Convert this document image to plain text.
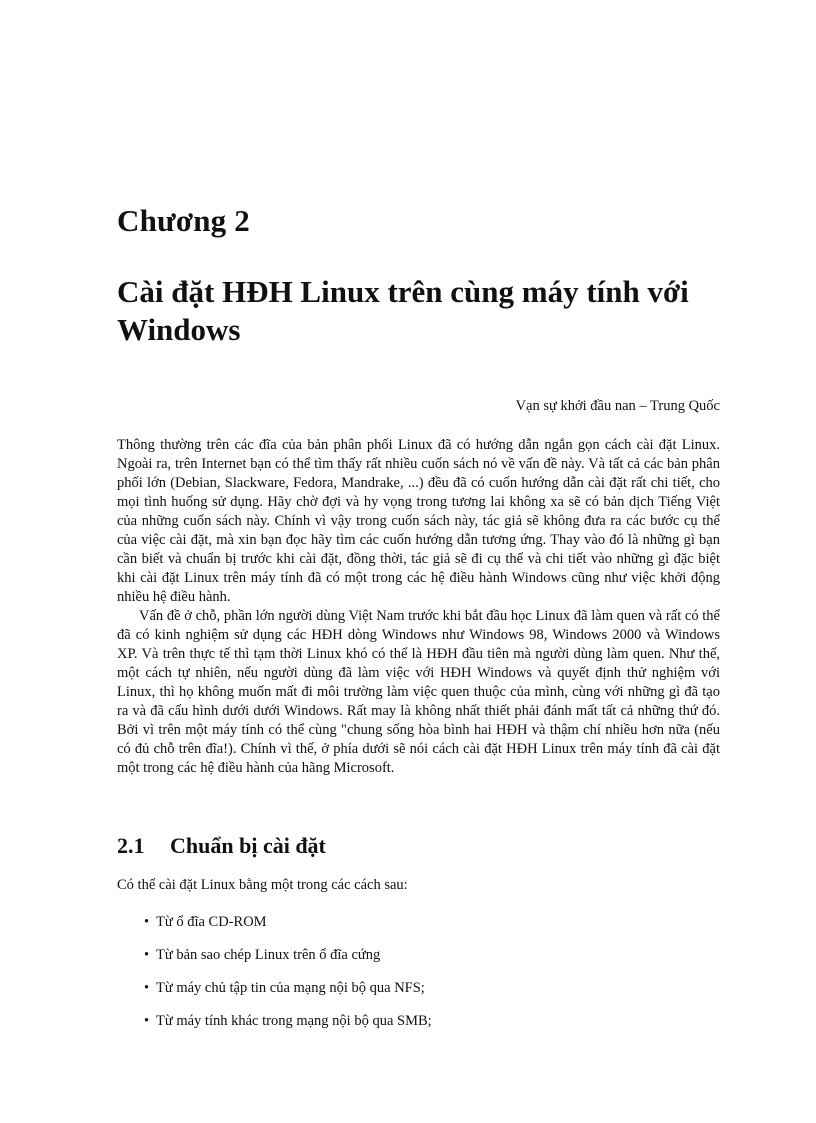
Chương 2
Cài đặt HĐH Linux trên cùng máy tính với Windows
Vạn sự khởi đầu nan – Trung Quốc

Thông thường trên các đĩa của bản phân phối Linux đã có hướng dẫn ngắn gọn cách cài đặt Linux. Ngoài ra, trên Internet bạn có thể tìm thấy rất nhiều cuốn sách nó về vấn đề này. Và tất cả các bản phân phối lớn (Debian, Slackware, Fedora, Mandrake, ...) đều đã có cuốn hướng dẫn cài đặt rất chi tiết, cho mọi tình huống sử dụng. Hãy chờ đợi và hy vọng trong tương lai không xa sẽ có bản dịch Tiếng Việt của những cuốn sách này. Chính vì vậy trong cuốn sách này, tác giả sẽ không đưa ra các bước cụ thể của việc cài đặt, mà xin bạn đọc hãy tìm các cuốn hướng dẫn tương ứng. Thay vào đó là những gì bạn cần biết và chuẩn bị trước khi cài đặt, đồng thời, tác giả sẽ đi cụ thể và chi tiết vào những gì đặc biệt khi cài đặt Linux trên máy tính đã có một trong các hệ điều hành Windows cũng như việc khởi động nhiều hệ điều hành.

Vấn đề ở chỗ, phần lớn người dùng Việt Nam trước khi bắt đầu học Linux đã làm quen và rất có thể đã có kinh nghiệm sử dụng các HĐH dòng Windows như Windows 98, Windows 2000 và Windows XP. Và trên thực tế thì tạm thời Linux khó có thể là HĐH đầu tiên mà người dùng làm quen. Như thế, một cách tự nhiên, nếu người dùng đã làm việc với HĐH Windows và quyết định thử nghiệm với Linux, thì họ không muốn mất đi môi trường làm việc quen thuộc của mình, cùng với những gì đã tạo ra và đã cấu hình dưới dưới Windows. Rất may là không nhất thiết phải đánh mất tất cả những thứ đó. Bởi vì trên một máy tính có thể cùng "chung sống hòa bình hai HĐH và thậm chí nhiều hơn nữa (nếu có đủ chỗ trên đĩa!). Chính vì thế, ở phía dưới sẽ nói cách cài đặt HĐH Linux trên máy tính đã cài đặt một trong các hệ điều hành của hãng Microsoft.

2.1 Chuẩn bị cài đặt
Có thể cài đặt Linux bằng một trong các cách sau:
• Từ ổ đĩa CD-ROM
• Từ bản sao chép Linux trên ổ đĩa cứng
• Từ máy chủ tập tin của mạng nội bộ qua NFS;
• Từ máy tính khác trong mạng nội bộ qua SMB;
